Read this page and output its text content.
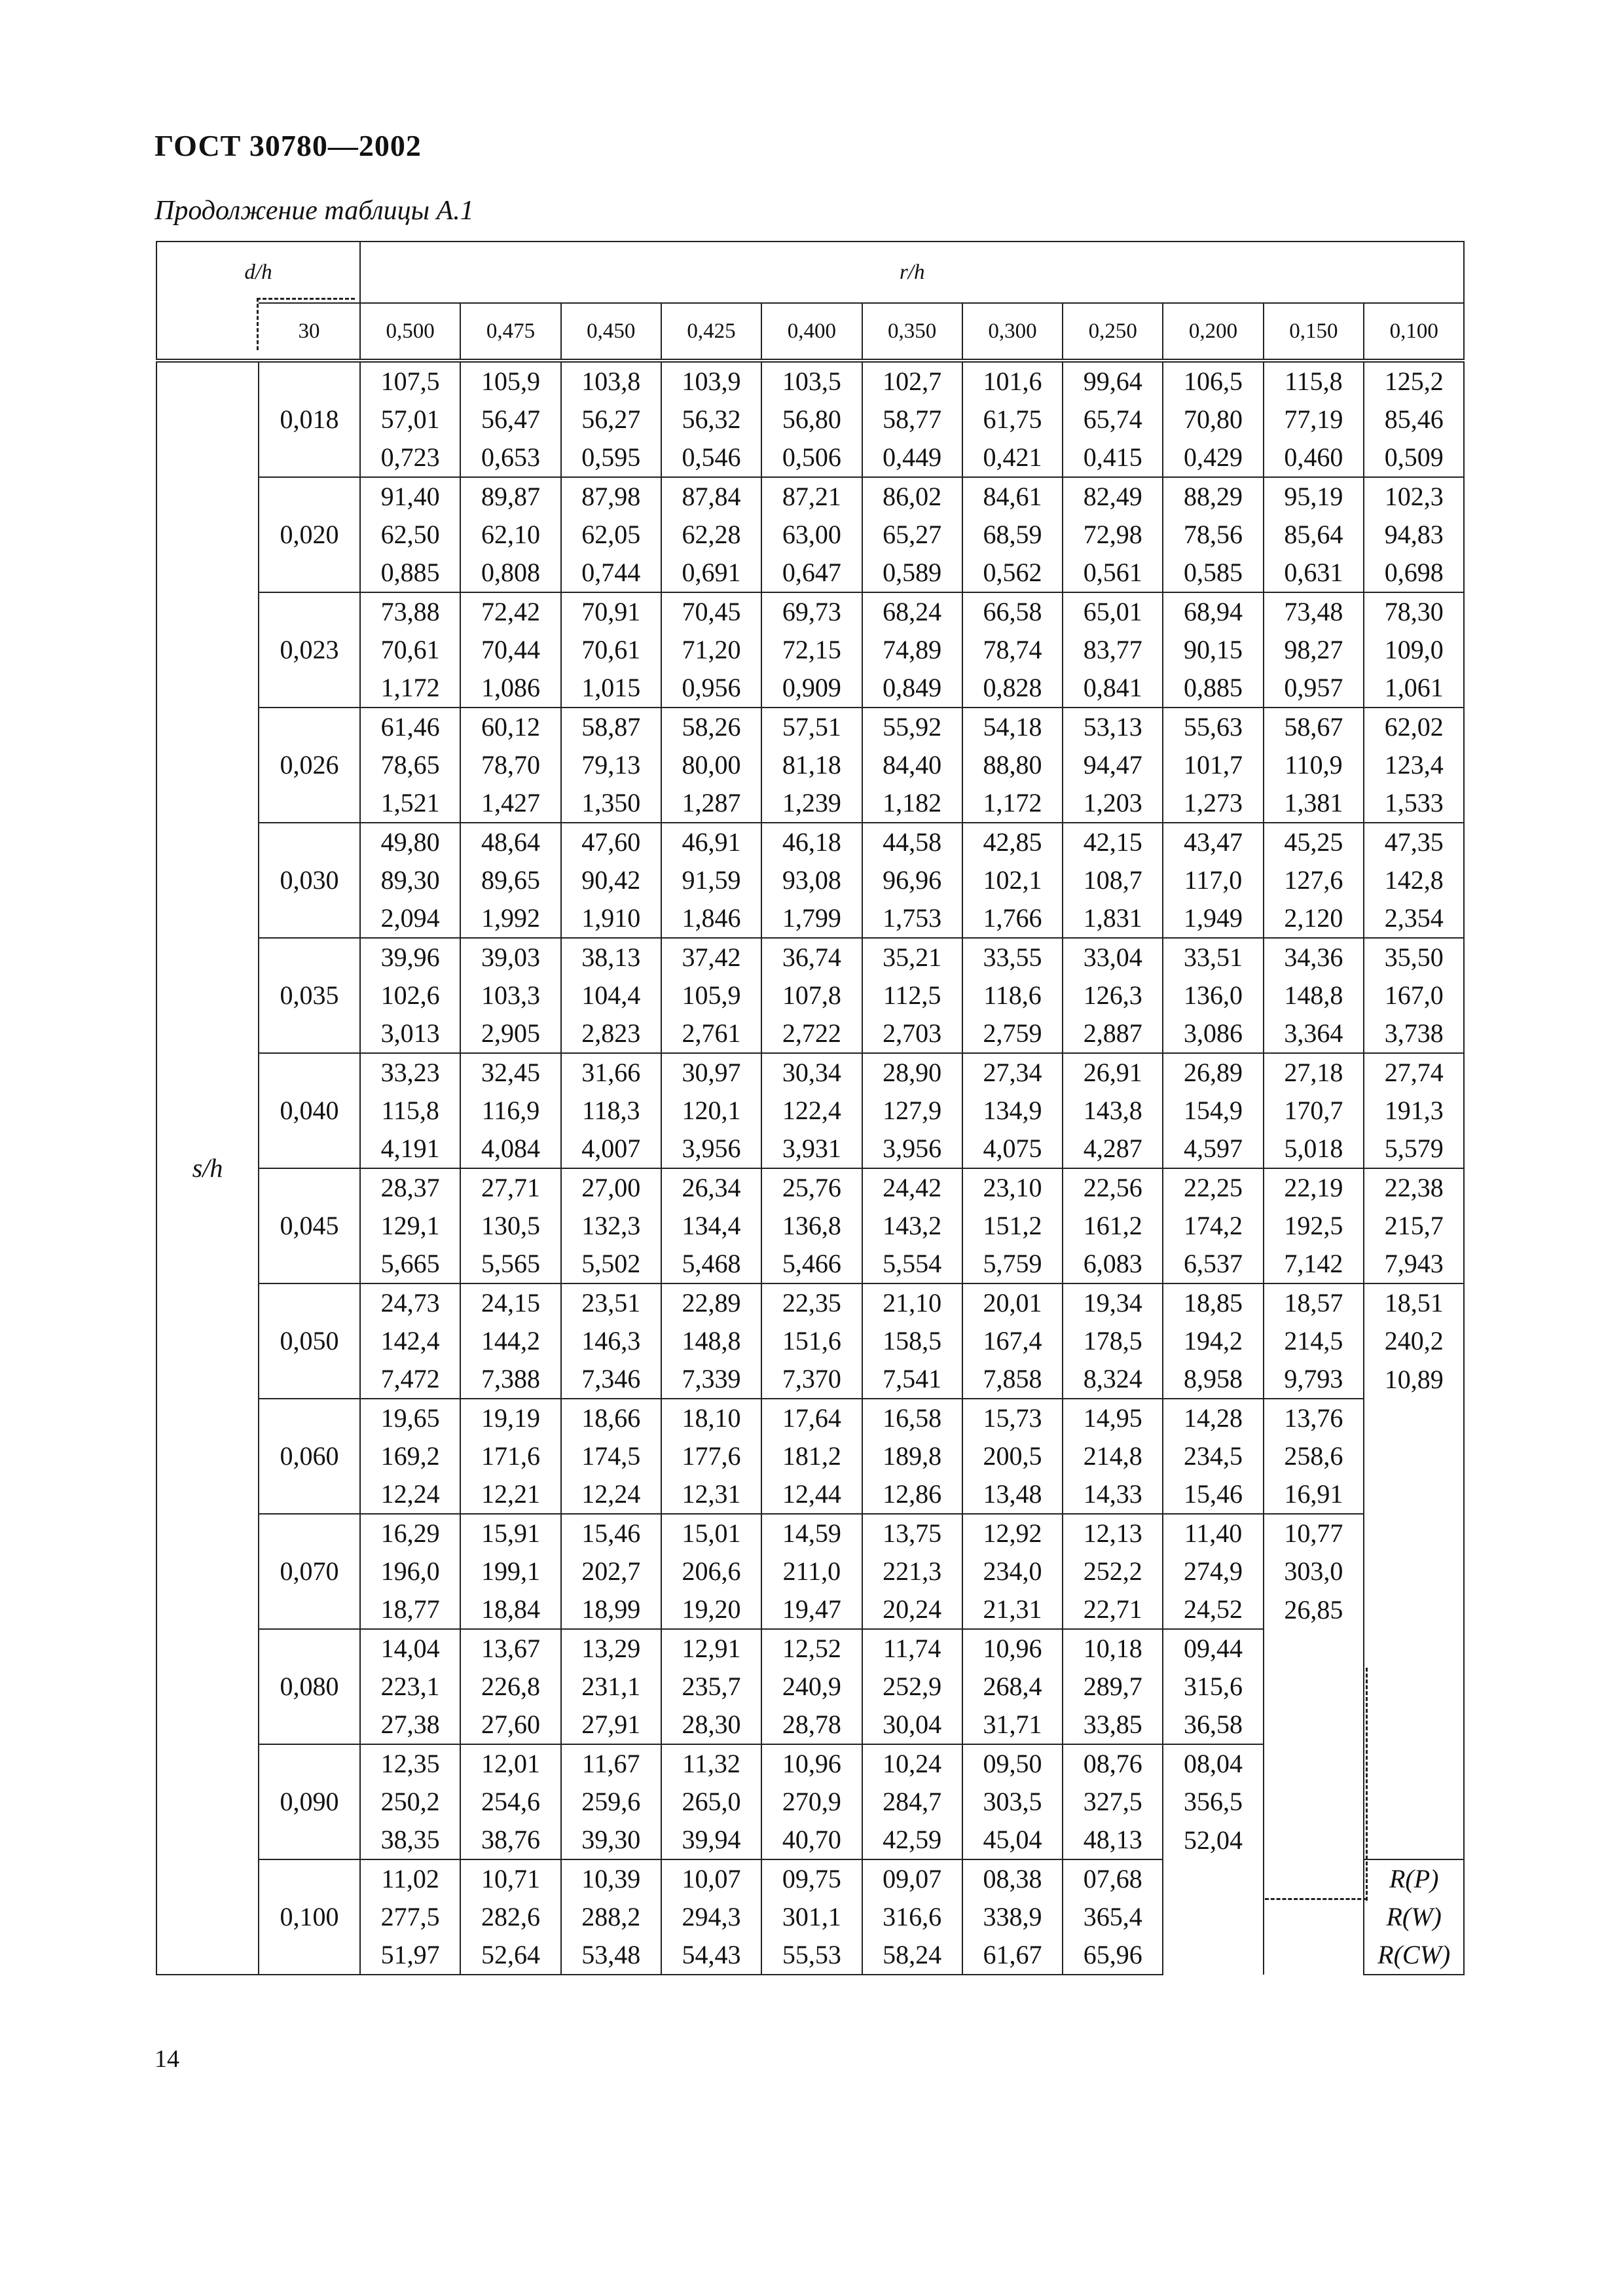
ГОСТ 30780—2002
Продолжение таблицы А.1
d/h		r/h										
	30	0,500	0,475	0,450	0,425	0,400	0,350	0,300	0,250	0,200	0,150	0,100
s/h	0,018	107,5	105,9	103,8	103,9	103,5	102,7	101,6	99,64	106,5	115,8	125,2
		57,01	56,47	56,27	56,32	56,80	58,77	61,75	65,74	70,80	77,19	85,46
		0,723	0,653	0,595	0,546	0,506	0,449	0,421	0,415	0,429	0,460	0,509
	0,020	91,40	89,87	87,98	87,84	87,21	86,02	84,61	82,49	88,29	95,19	102,3
		62,50	62,10	62,05	62,28	63,00	65,27	68,59	72,98	78,56	85,64	94,83
		0,885	0,808	0,744	0,691	0,647	0,589	0,562	0,561	0,585	0,631	0,698
	0,023	73,88	72,42	70,91	70,45	69,73	68,24	66,58	65,01	68,94	73,48	78,30
		70,61	70,44	70,61	71,20	72,15	74,89	78,74	83,77	90,15	98,27	109,0
		1,172	1,086	1,015	0,956	0,909	0,849	0,828	0,841	0,885	0,957	1,061
	0,026	61,46	60,12	58,87	58,26	57,51	55,92	54,18	53,13	55,63	58,67	62,02
		78,65	78,70	79,13	80,00	81,18	84,40	88,80	94,47	101,7	110,9	123,4
		1,521	1,427	1,350	1,287	1,239	1,182	1,172	1,203	1,273	1,381	1,533
	0,030	49,80	48,64	47,60	46,91	46,18	44,58	42,85	42,15	43,47	45,25	47,35
		89,30	89,65	90,42	91,59	93,08	96,96	102,1	108,7	117,0	127,6	142,8
		2,094	1,992	1,910	1,846	1,799	1,753	1,766	1,831	1,949	2,120	2,354
	0,035	39,96	39,03	38,13	37,42	36,74	35,21	33,55	33,04	33,51	34,36	35,50
		102,6	103,3	104,4	105,9	107,8	112,5	118,6	126,3	136,0	148,8	167,0
		3,013	2,905	2,823	2,761	2,722	2,703	2,759	2,887	3,086	3,364	3,738
	0,040	33,23	32,45	31,66	30,97	30,34	28,90	27,34	26,91	26,89	27,18	27,74
		115,8	116,9	118,3	120,1	122,4	127,9	134,9	143,8	154,9	170,7	191,3
		4,191	4,084	4,007	3,956	3,931	3,956	4,075	4,287	4,597	5,018	5,579
	0,045	28,37	27,71	27,00	26,34	25,76	24,42	23,10	22,56	22,25	22,19	22,38
		129,1	130,5	132,3	134,4	136,8	143,2	151,2	161,2	174,2	192,5	215,7
		5,665	5,565	5,502	5,468	5,466	5,554	5,759	6,083	6,537	7,142	7,943
	0,050	24,73	24,15	23,51	22,89	22,35	21,10	20,01	19,34	18,85	18,57	18,51
		142,4	144,2	146,3	148,8	151,6	158,5	167,4	178,5	194,2	214,5	240,2
		7,472	7,388	7,346	7,339	7,370	7,541	7,858	8,324	8,958	9,793	10,89
	0,060	19,65	19,19	18,66	18,10	17,64	16,58	15,73	14,95	14,28	13,76	
		169,2	171,6	174,5	177,6	181,2	189,8	200,5	214,8	234,5	258,6	
		12,24	12,21	12,24	12,31	12,44	12,86	13,48	14,33	15,46	16,91	
	0,070	16,29	15,91	15,46	15,01	14,59	13,75	12,92	12,13	11,40	10,77	
		196,0	199,1	202,7	206,6	211,0	221,3	234,0	252,2	274,9	303,0	
		18,77	18,84	18,99	19,20	19,47	20,24	21,31	22,71	24,52	26,85	
	0,080	14,04	13,67	13,29	12,91	12,52	11,74	10,96	10,18	09,44		
		223,1	226,8	231,1	235,7	240,9	252,9	268,4	289,7	315,6		
		27,38	27,60	27,91	28,30	28,78	30,04	31,71	33,85	36,58		
	0,090	12,35	12,01	11,67	11,32	10,96	10,24	09,50	08,76	08,04		
		250,2	254,6	259,6	265,0	270,9	284,7	303,5	327,5	356,5		
		38,35	38,76	39,30	39,94	40,70	42,59	45,04	48,13	52,04		
	0,100	11,02	10,71	10,39	10,07	09,75	09,07	08,38	07,68			R(P)
		277,5	282,6	288,2	294,3	301,1	316,6	338,9	365,4			R(W)
		51,97	52,64	53,48	54,43	55,53	58,24	61,67	65,96			R(CW)
14
